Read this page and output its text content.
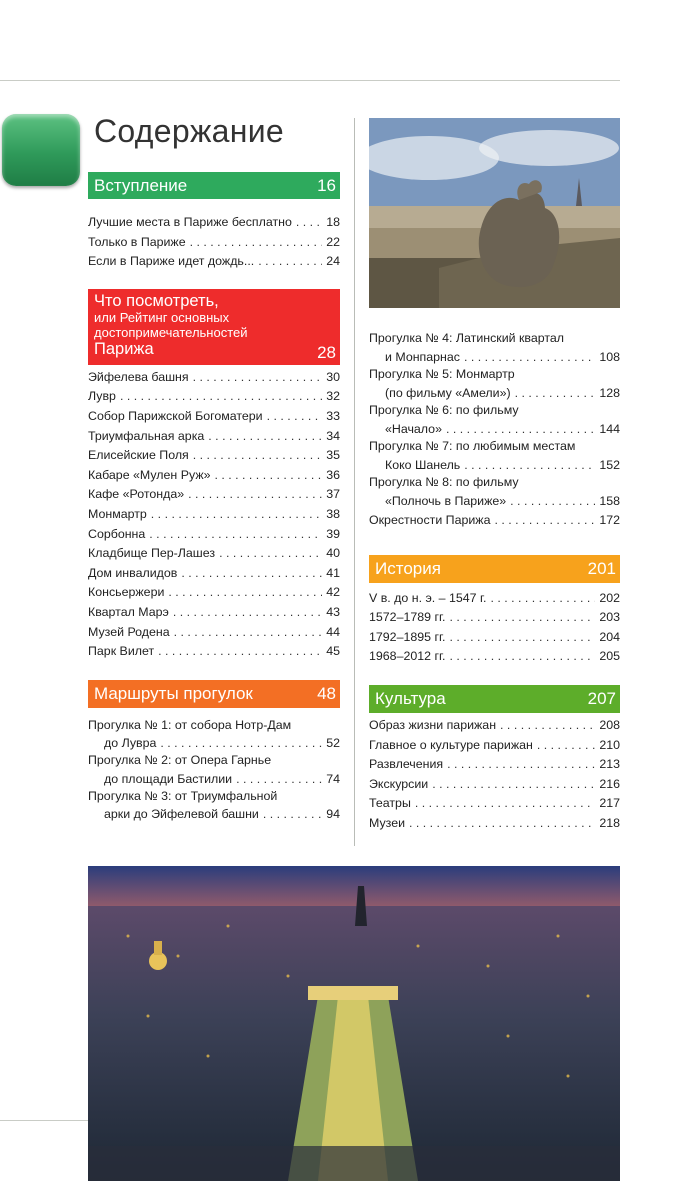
Содержание
Вступление	16
Лучшие места в Париже бесплатно . . .	18
Только в Париже . . .	22
Если в Париже идет дождь... . . .	24
Что посмотреть,
или Рейтинг основных
достопримечательностей
Парижа	28
Эйфелева башня . . .	30
Лувр . . .	32
Собор Парижской Богоматери . . .	33
Триумфальная арка . . .	34
Елисейские Поля . . .	35
Кабаре «Мулен Руж» . . .	36
Кафе «Ротонда» . . .	37
Монмартр . . .	38
Сорбонна . . .	39
Кладбище Пер-Лашез . . .	40
Дом инвалидов . . .	41
Консьержери . . .	42
Квартал Марэ . . .	43
Музей Родена . . .	44
Парк Вилет . . .	45
Маршруты прогулок	48
Прогулка № 1: от собора Нотр-Дам
до Лувра . . .	52
Прогулка № 2: от Опера Гарнье
до площади Бастилии . . .	74
Прогулка № 3: от Триумфальной
арки до Эйфелевой башни . . .	94
Прогулка № 4: Латинский квартал
и Монпарнас . . .	108
Прогулка № 5: Монмартр
(по фильму «Амели») . . .	128
Прогулка № 6: по фильму
«Начало» . . .	144
Прогулка № 7: по любимым местам
Коко Шанель . . .	152
Прогулка № 8: по фильму
«Полночь в Париже» . . .	158
Окрестности Парижа . . .	172
История	201
V в. до н. э. – 1547 г. . . .	202
1572–1789 гг. . . .	203
1792–1895 гг. . . .	204
1968–2012 гг. . . .	205
Культура	207
Образ жизни парижан . . .	208
Главное о культуре парижан . . .	210
Развлечения . . .	213
Экскурсии . . .	216
Театры . . .	217
Музеи . . .	218
